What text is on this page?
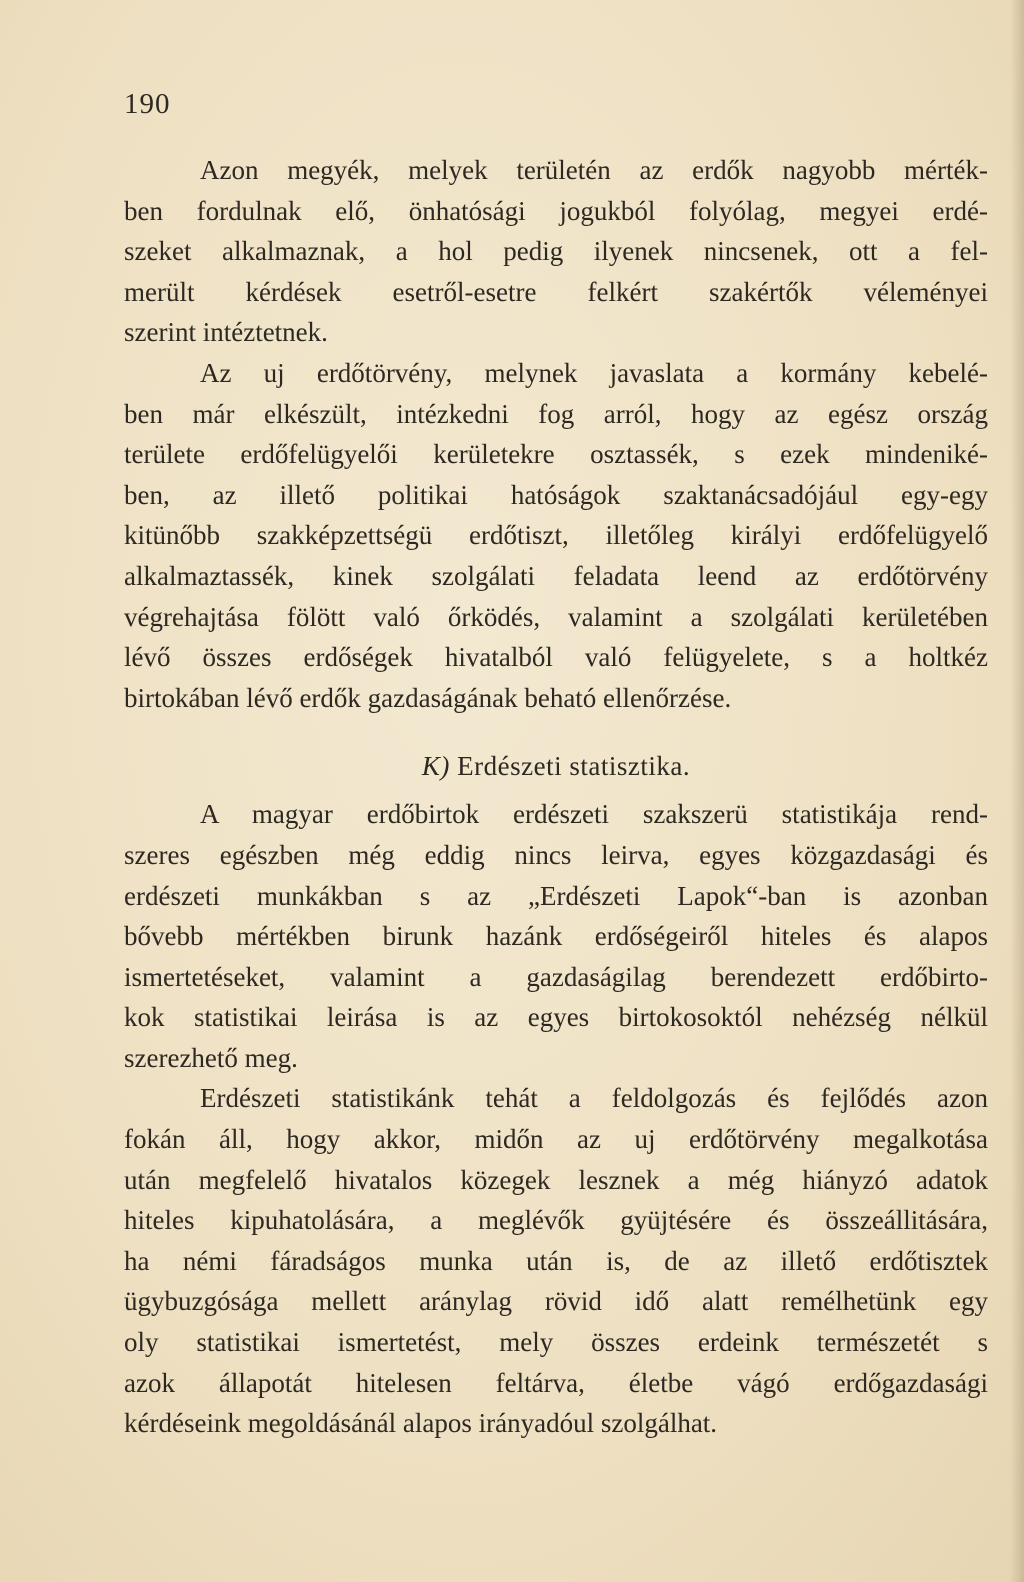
190
Azon megyék, melyek területén az erdők nagyobb mérték-
ben fordulnak elő, önhatósági jogukból folyólag, megyei erdé-
szeket alkalmaznak, a hol pedig ilyenek nincsenek, ott a fel-
merült kérdések esetről-esetre felkért szakértők véleményei
szerint intéztetnek.
Az uj erdőtörvény, melynek javaslata a kormány kebelé-
ben már elkészült, intézkedni fog arról, hogy az egész ország
területe erdőfelügyelői kerületekre osztassék, s ezek mindeniké-
ben, az illető politikai hatóságok szaktanácsadójául egy-egy
kitünőbb szakképzettségü erdőtiszt, illetőleg királyi erdőfelügyelő
alkalmaztassék, kinek szolgálati feladata leend az erdőtörvény
végrehajtása fölött való őrködés, valamint a szolgálati kerületében
lévő összes erdőségek hivatalból való felügyelete, s a holtkéz
birtokában lévő erdők gazdaságának beható ellenőrzése.
K) Erdészeti statisztika.
A magyar erdőbirtok erdészeti szakszerü statistikája rend-
szeres egészben még eddig nincs leirva, egyes közgazdasági és
erdészeti munkákban s az „Erdészeti Lapok“-ban is azonban
bővebb mértékben birunk hazánk erdőségeiről hiteles és alapos
ismertetéseket, valamint a gazdaságilag berendezett erdőbirto-
kok statistikai leirása is az egyes birtokosoktól nehézség nélkül
szerezhető meg.
Erdészeti statistikánk tehát a feldolgozás és fejlődés azon
fokán áll, hogy akkor, midőn az uj erdőtörvény megalkotása
után megfelelő hivatalos közegek lesznek a még hiányzó adatok
hiteles kipuhatolására, a meglévők gyüjtésére és összeállitására,
ha némi fáradságos munka után is, de az illető erdőtisztek
ügybuzgósága mellett aránylag rövid idő alatt remélhetünk egy
oly statistikai ismertetést, mely összes erdeink természetét s
azok állapotát hitelesen feltárva, életbe vágó erdőgazdasági
kérdéseink megoldásánál alapos irányadóul szolgálhat.
